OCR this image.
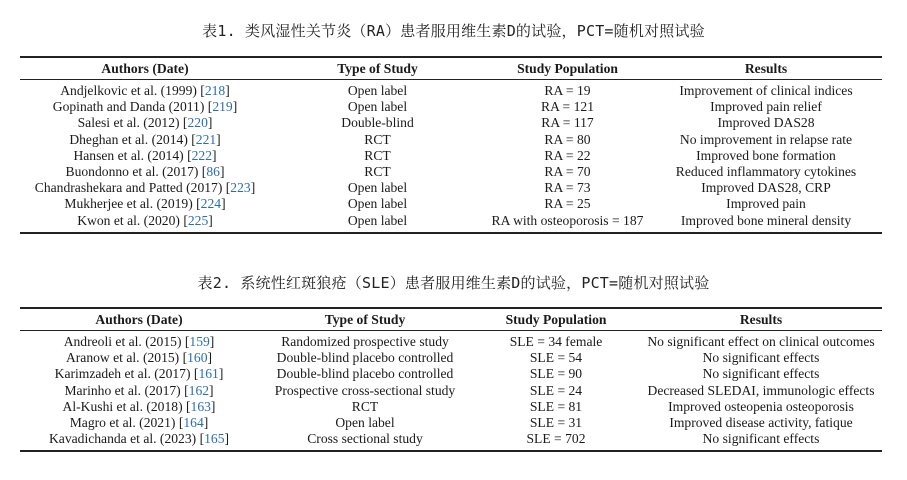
表1. 类风湿性关节炎（RA）患者服用维生素D的试验，PCT=随机对照试验
Authors (Date)	Type of Study	Study Population	Results
Andjelkovic et al. (1999) [218]	Open label	RA = 19	Improvement of clinical indices
Gopinath and Danda (2011) [219]	Open label	RA = 121	Improved pain relief
Salesi et al. (2012) [220]	Double-blind	RA = 117	Improved DAS28
Dheghan et al. (2014) [221]	RCT	RA = 80	No improvement in relapse rate
Hansen et al. (2014) [222]	RCT	RA = 22	Improved bone formation
Buondonno et al. (2017) [86]	RCT	RA = 70	Reduced inflammatory cytokines
Chandrashekara and Patted (2017) [223]	Open label	RA = 73	Improved DAS28, CRP
Mukherjee et al. (2019) [224]	Open label	RA = 25	Improved pain
Kwon et al. (2020) [225]	Open label	RA with osteoporosis = 187	Improved bone mineral density
表2. 系统性红斑狼疮（SLE）患者服用维生素D的试验，PCT=随机对照试验
Authors (Date)	Type of Study	Study Population	Results
Andreoli et al. (2015) [159]	Randomized prospective study	SLE = 34 female	No significant effect on clinical outcomes
Aranow et al. (2015) [160]	Double-blind placebo controlled	SLE = 54	No significant effects
Karimzadeh et al. (2017) [161]	Double-blind placebo controlled	SLE = 90	No significant effects
Marinho et al. (2017) [162]	Prospective cross-sectional study	SLE = 24	Decreased SLEDAI, immunologic effects
Al-Kushi et al. (2018) [163]	RCT	SLE = 81	Improved osteopenia osteoporosis
Magro et al. (2021) [164]	Open label	SLE = 31	Improved disease activity, fatique
Kavadichanda et al. (2023) [165]	Cross sectional study	SLE = 702	No significant effects
